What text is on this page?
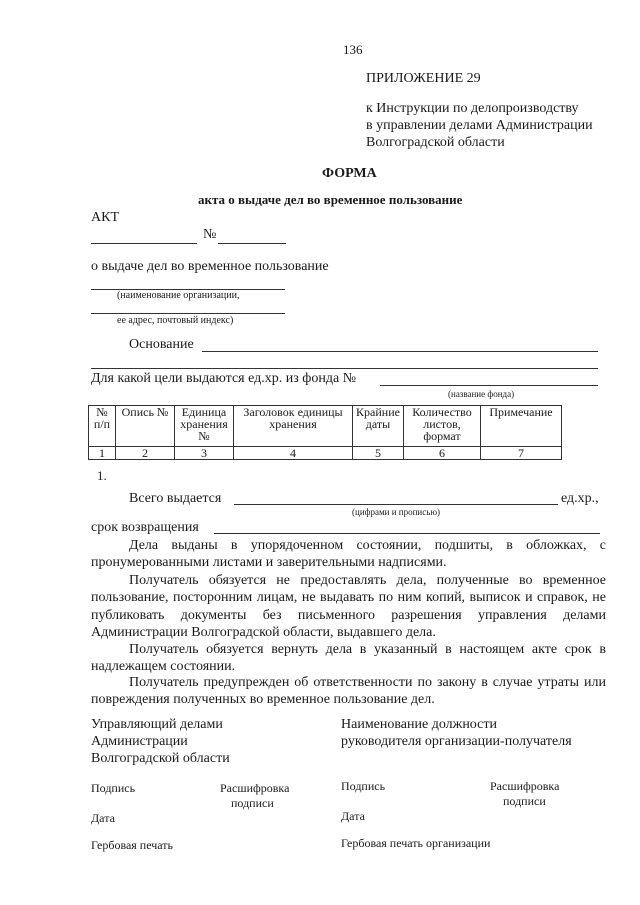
136
ПРИЛОЖЕНИЕ 29
к Инструкции по делопроизводству
в управлении делами Администрации
Волгоградской области
ФОРМА
акта о выдаче дел во временное пользование
АКТ
№
о выдаче дел во временное пользование
(наименование организации,
ее адрес, почтовый индекс)
Основание
Для какой цели выдаются ед.хр. из фонда №
(название фонда)
№ п/п	Опись №	Единица хранения №	Заголовок единицы хранения	Крайние даты	Количество листов, формат	Примечание
1	2	3	4	5	6	7
1.
Всего выдается	ед.хр.,
(цифрами и прописью)
срок возвращения
Дела выданы в упорядоченном состоянии, подшиты, в обложках, с пронумерованными листами и заверительными надписями.
Получатель обязуется не предоставлять дела, полученные во временное пользование, посторонним лицам, не выдавать по ним копий, выписок и справок, не публиковать документы без письменного разрешения управления делами Администрации Волгоградской области, выдавшего дела.
Получатель обязуется вернуть дела в указанный в настоящем акте срок в надлежащем состоянии.
Получатель предупрежден об ответственности по закону в случае утраты или повреждения полученных во временное пользование дел.
Управляющий делами
Администрации
Волгоградской области
Подпись	Расшифровка
подписи
Дата
Гербовая печать
Наименование должности
руководителя организации-получателя
Подпись	Расшифровка
подписи
Дата
Гербовая печать организации
